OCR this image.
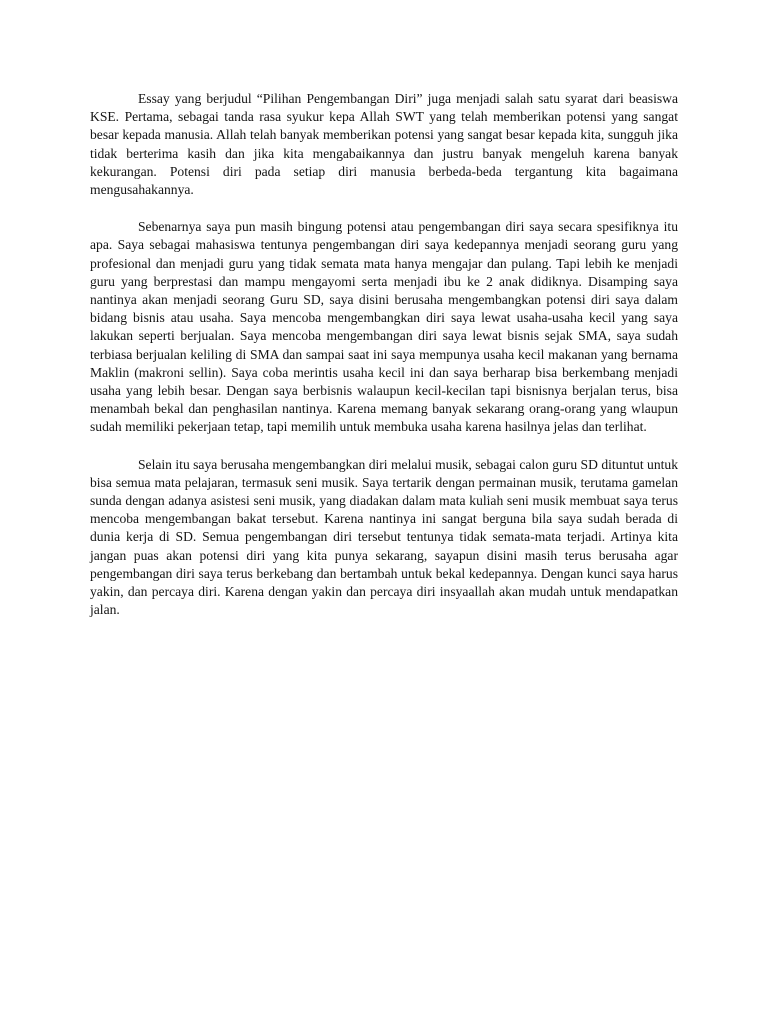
Essay yang berjudul “Pilihan Pengembangan Diri” juga menjadi salah satu syarat dari beasiswa KSE. Pertama, sebagai tanda rasa syukur kepa Allah SWT yang telah memberikan potensi yang sangat besar kepada manusia. Allah telah banyak memberikan potensi yang sangat besar kepada kita, sungguh jika tidak berterima kasih dan jika kita mengabaikannya dan justru banyak mengeluh karena banyak kekurangan. Potensi diri pada setiap diri manusia berbeda-beda tergantung kita bagaimana mengusahakannya.

Sebenarnya saya pun masih bingung potensi atau pengembangan diri saya secara spesifiknya itu apa. Saya sebagai mahasiswa tentunya pengembangan diri saya kedepannya menjadi seorang guru yang profesional dan menjadi guru yang tidak semata mata hanya mengajar dan pulang. Tapi lebih ke menjadi guru yang berprestasi dan mampu mengayomi serta menjadi ibu ke 2 anak didiknya. Disamping saya nantinya akan menjadi seorang Guru SD, saya disini berusaha mengembangkan potensi diri saya dalam bidang bisnis atau usaha. Saya mencoba mengembangkan diri saya lewat usaha-usaha kecil yang saya lakukan seperti berjualan. Saya mencoba mengembangan diri saya lewat bisnis sejak SMA, saya sudah terbiasa berjualan keliling di SMA dan sampai saat ini saya mempunya usaha kecil makanan yang bernama Maklin (makroni sellin). Saya coba merintis usaha kecil ini dan saya berharap bisa berkembang menjadi usaha yang lebih besar. Dengan saya berbisnis walaupun kecil-kecilan tapi bisnisnya berjalan terus, bisa menambah bekal dan penghasilan nantinya. Karena memang banyak sekarang orang-orang yang wlaupun sudah memiliki pekerjaan tetap, tapi memilih untuk membuka usaha karena hasilnya jelas dan terlihat.

Selain itu saya berusaha mengembangkan diri melalui musik, sebagai calon guru SD dituntut untuk bisa semua mata pelajaran, termasuk seni musik. Saya tertarik dengan permainan musik, terutama gamelan sunda dengan adanya asistesi seni musik, yang diadakan dalam mata kuliah seni musik membuat saya terus mencoba mengembangan bakat tersebut. Karena nantinya ini sangat berguna bila saya sudah berada di dunia kerja di SD. Semua pengembangan diri tersebut tentunya tidak semata-mata terjadi. Artinya kita jangan puas akan potensi diri yang kita punya sekarang, sayapun disini masih terus berusaha agar pengembangan diri saya terus berkebang dan bertambah untuk bekal kedepannya. Dengan kunci saya harus yakin, dan percaya diri. Karena dengan yakin dan percaya diri insyaallah akan mudah untuk mendapatkan jalan.
